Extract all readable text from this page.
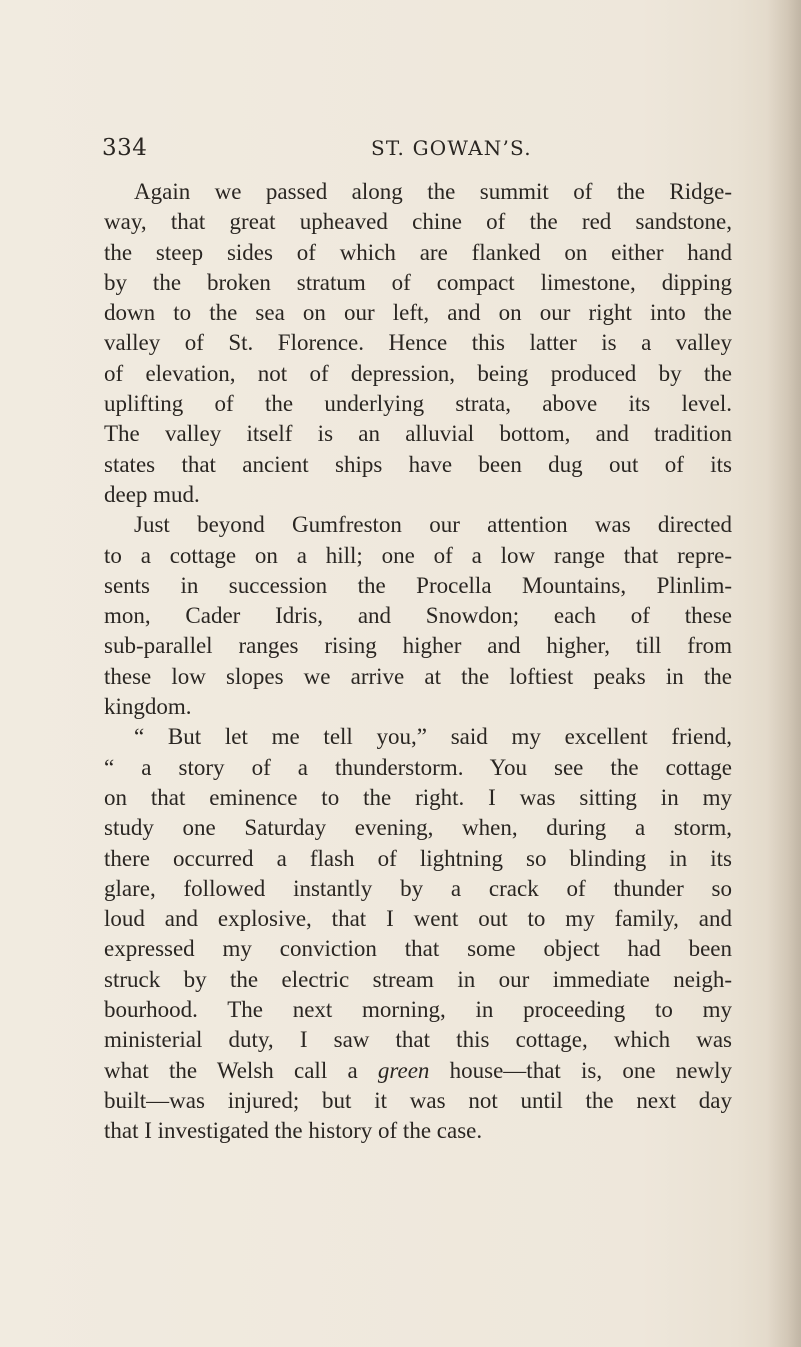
334	ST. GOWAN’S.
Again we passed along the summit of the Ridge-
way, that great upheaved chine of the red sandstone,
the steep sides of which are flanked on either hand
by the broken stratum of compact limestone, dipping
down to the sea on our left, and on our right into the
valley of St. Florence. Hence this latter is a valley
of elevation, not of depression, being produced by the
uplifting of the underlying strata, above its level.
The valley itself is an alluvial bottom, and tradition
states that ancient ships have been dug out of its
deep mud.
Just beyond Gumfreston our attention was directed
to a cottage on a hill; one of a low range that repre-
sents in succession the Procella Mountains, Plinlim-
mon, Cader Idris, and Snowdon; each of these
sub-parallel ranges rising higher and higher, till from
these low slopes we arrive at the loftiest peaks in the
kingdom.
“ But let me tell you,” said my excellent friend,
“ a story of a thunderstorm. You see the cottage
on that eminence to the right. I was sitting in my
study one Saturday evening, when, during a storm,
there occurred a flash of lightning so blinding in its
glare, followed instantly by a crack of thunder so
loud and explosive, that I went out to my family, and
expressed my conviction that some object had been
struck by the electric stream in our immediate neigh-
bourhood. The next morning, in proceeding to my
ministerial duty, I saw that this cottage, which was
what the Welsh call a green house—that is, one newly
built—was injured; but it was not until the next day
that I investigated the history of the case.
